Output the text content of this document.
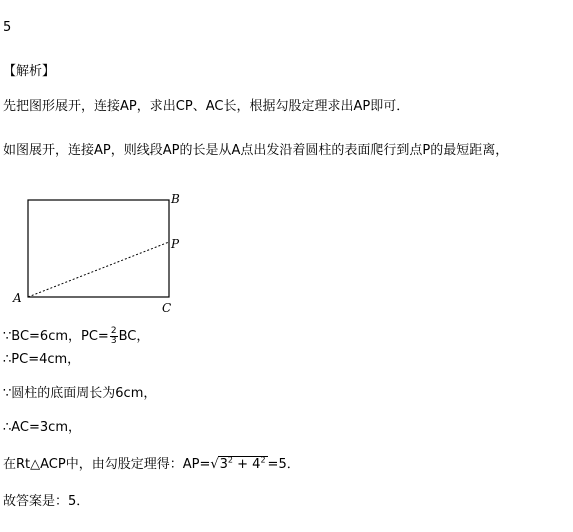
5
【解析】
先把图形展开，连接AP，求出CP、AC长，根据勾股定理求出AP即可．
如图展开，连接AP，则线段AP的长是从A点出发沿着圆柱的表面爬行到点P的最短距离，
B
P
A
C
∵BC=6cm，$PC= \frac{2}{3}$ BC，
∴PC=4cm，
∵圆柱的底面周长为6cm，
∴AC=3cm，
在Rt△ACP中，由勾股定理得：$AP=√3^2 + 4^2 =5$．
故答案是：5．
